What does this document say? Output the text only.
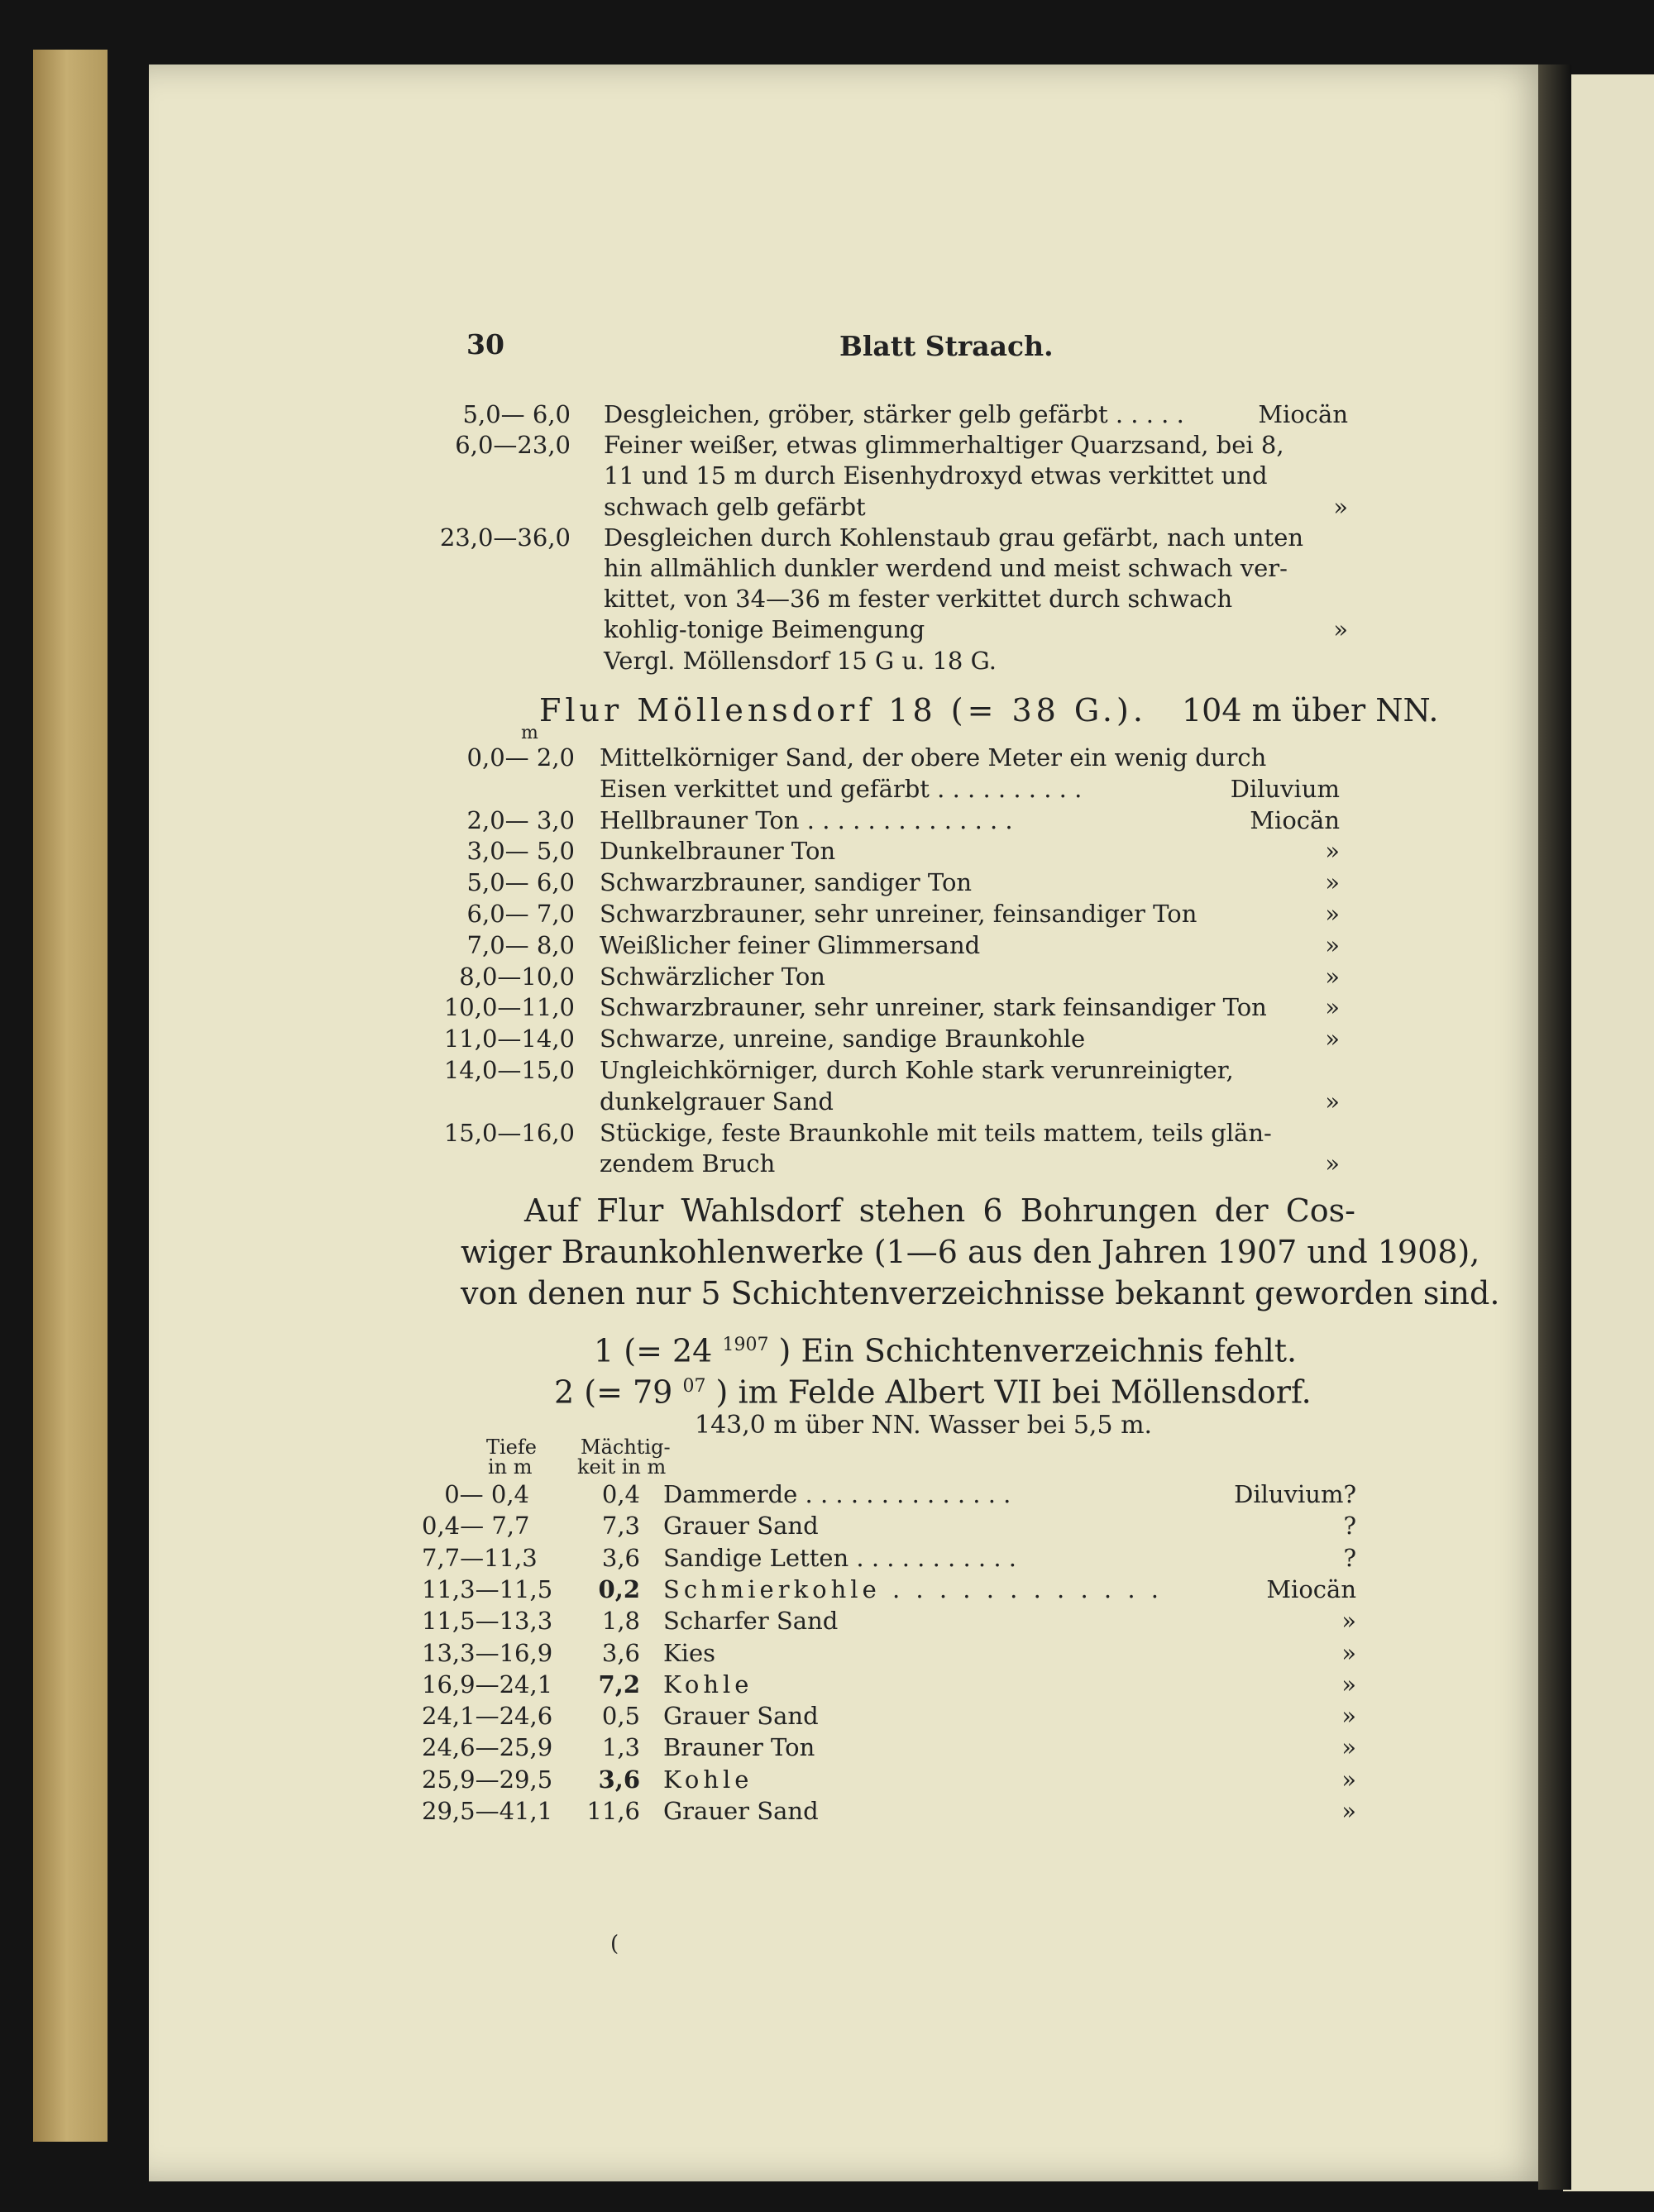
30	Blatt Straach.
5,0— 6,0 Desgleichen, gröber, stärker gelb gefärbt . . . . .	Miocän
6,0—23,0 Feiner weißer, etwas glimmerhaltiger Quarzsand, bei 8,
11 und 15 m durch Eisenhydroxyd etwas verkittet und
schwach gelb gefärbt	»
23,0—36,0 Desgleichen durch Kohlenstaub grau gefärbt, nach unten
hin allmählich dunkler werdend und meist schwach ver-
kittet, von 34—36 m fester verkittet durch schwach
kohlig-tonige Beimengung	»
Vergl. Möllensdorf 15 G u. 18 G.
Flur Möllensdorf 18 (= 38 G.). 104 m über NN.
m
0,0— 2,0 Mittelkörniger Sand, der obere Meter ein wenig durch
Eisen verkittet und gefärbt . . . . . . . . . .	Diluvium
2,0— 3,0 Hellbrauner Ton . . . . . . . . . . . . . .	Miocän
3,0— 5,0 Dunkelbrauner Ton	»
5,0— 6,0 Schwarzbrauner, sandiger Ton	»
6,0— 7,0 Schwarzbrauner, sehr unreiner, feinsandiger Ton	»
7,0— 8,0 Weißlicher feiner Glimmersand	»
8,0—10,0 Schwärzlicher Ton	»
10,0—11,0 Schwarzbrauner, sehr unreiner, stark feinsandiger Ton	»
11,0—14,0 Schwarze, unreine, sandige Braunkohle	»
14,0—15,0 Ungleichkörniger, durch Kohle stark verunreinigter,
dunkelgrauer Sand	»
15,0—16,0 Stückige, feste Braunkohle mit teils mattem, teils glän-
zendem Bruch	»
Auf Flur Wahlsdorf stehen 6 Bohrungen der Cos-
wiger Braunkohlenwerke (1—6 aus den Jahren 1907 und 1908),
von denen nur 5 Schichtenverzeichnisse bekannt geworden sind.
1 (= 24 $^{1907}$ ) Ein Schichtenverzeichnis fehlt.
2 (= 79 $^{07}$ ) im Felde Albert VII bei Möllensdorf.
143,0 m über NN. Wasser bei 5,5 m.
Tiefe
in m
Mächtig-
keit in m
0— 0,4	0,4 Dammerde . . . . . . . . . . . . . .	Diluvium?
0,4— 7,7	7,3 Grauer Sand	?
7,7—11,3	3,6 Sandige Letten . . . . . . . . . . .	?
11,3—11,5	0,2 Schmierkohle . . . . . . . . . . . .	Miocän
11,5—13,3	1,8 Scharfer Sand	»
13,3—16,9	3,6 Kies	»
16,9—24,1	7,2 Kohle	»
24,1—24,6	0,5 Grauer Sand	»
24,6—25,9	1,3 Brauner Ton	»
25,9—29,5	3,6 Kohle	»
29,5—41,1	11,6 Grauer Sand	»
(
